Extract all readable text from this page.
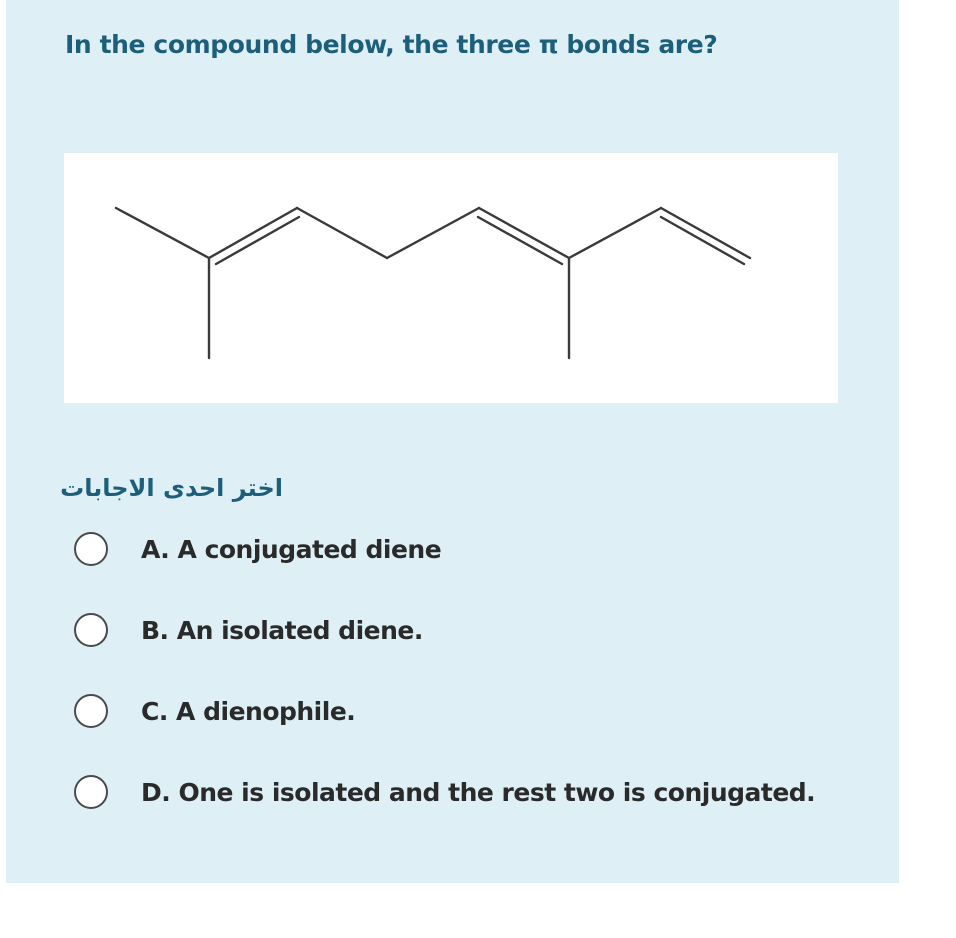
In the compound below, the three π bonds are?

اختر احدى الاجابات
A. A conjugated diene
B. An isolated diene.
C. A dienophile.
D. One is isolated and the rest two is conjugated.
